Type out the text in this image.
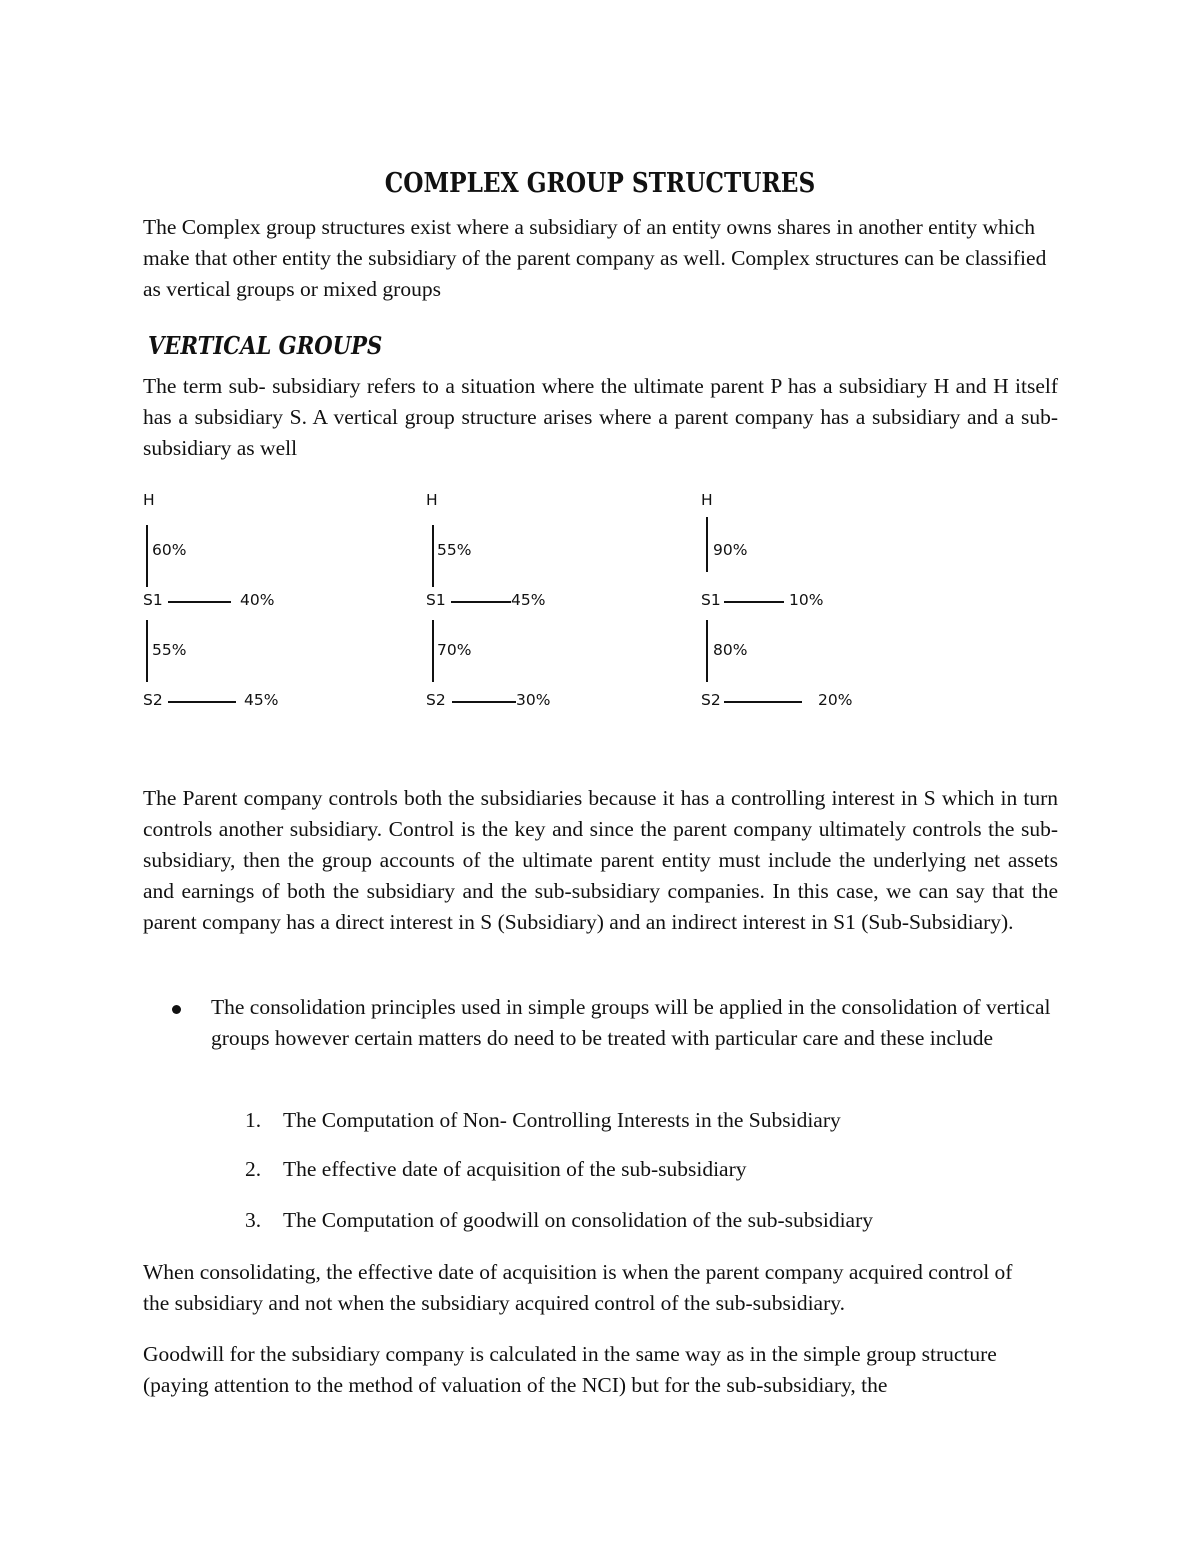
COMPLEX GROUP STRUCTURES
The Complex group structures exist where a subsidiary of an entity owns shares in another entity which make that other entity the subsidiary of the parent company as well. Complex structures can be classified as vertical groups or mixed groups
VERTICAL GROUPS
The term sub- subsidiary refers to a situation where the ultimate parent P has a subsidiary H and H itself has a subsidiary S. A vertical group structure arises where a parent company has a subsidiary and a sub-subsidiary as well
H
60%
S1	40%
55%
S2	45%
H
55%
S1	45%
70%
S2	30%
H
90%
S1	10%
80%
S2	20%
The Parent company controls both the subsidiaries because it has a controlling interest in S which in turn controls another subsidiary. Control is the key and since the parent company ultimately controls the sub-subsidiary, then the group accounts of the ultimate parent entity must include the underlying net assets and earnings of both the subsidiary and the sub-subsidiary companies. In this case, we can say that the parent company has a direct interest in S (Subsidiary) and an indirect interest in S1 (Sub-Subsidiary).
The consolidation principles used in simple groups will be applied in the consolidation of vertical groups however certain matters do need to be treated with particular care and these include
1. The Computation of Non- Controlling Interests in the Subsidiary
2. The effective date of acquisition of the sub-subsidiary
3. The Computation of goodwill on consolidation of the sub-subsidiary
When consolidating, the effective date of acquisition is when the parent company acquired control of the subsidiary and not when the subsidiary acquired control of the sub-subsidiary.
Goodwill for the subsidiary company is calculated in the same way as in the simple group structure (paying attention to the method of valuation of the NCI) but for the sub-subsidiary, the
